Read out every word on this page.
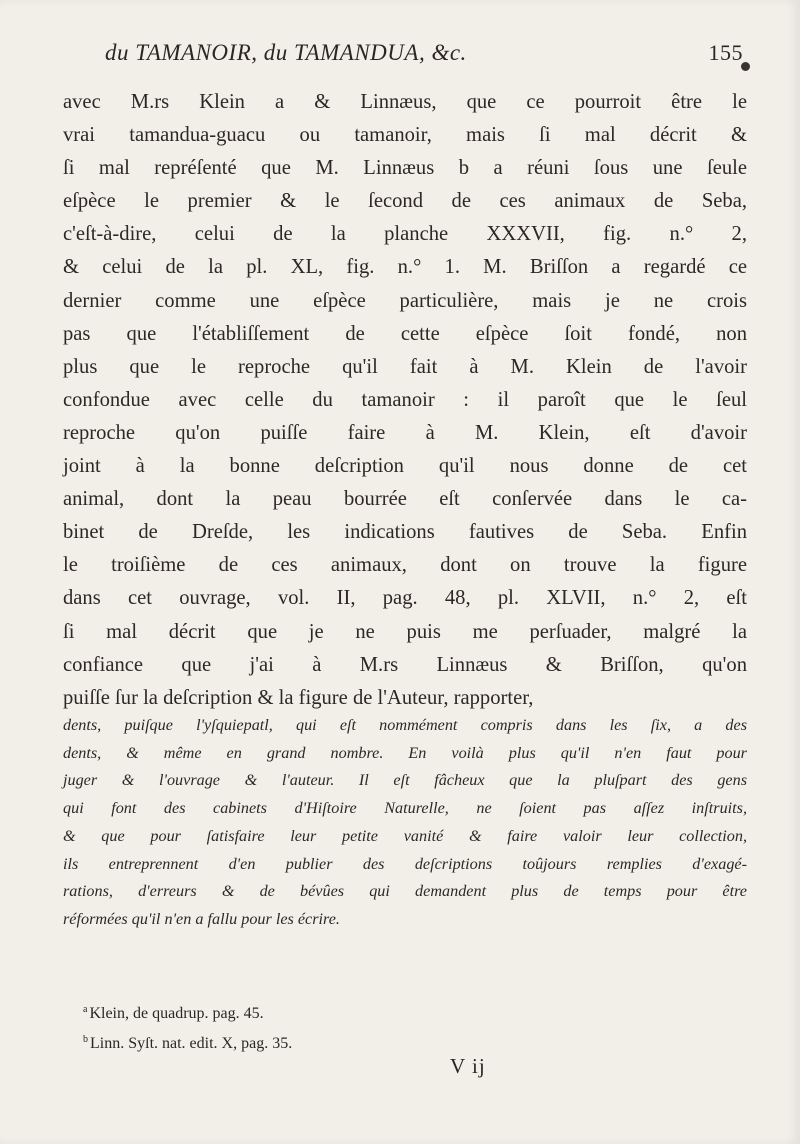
du TAMANOIR, du TAMANDUA, &c.	155
avec M.rs Klein a & Linnæus, que ce pourroit être le
vrai tamandua-guacu ou tamanoir, mais ſi mal décrit &
ſi mal repréſenté que M. Linnæus b a réuni ſous une ſeule
eſpèce le premier & le ſecond de ces animaux de Seba,
c'eſt-à-dire, celui de la planche XXXVII, fig. n.° 2,
& celui de la pl. XL, fig. n.° 1. M. Briſſon a regardé ce
dernier comme une eſpèce particulière, mais je ne crois
pas que l'établiſſement de cette eſpèce ſoit fondé, non
plus que le reproche qu'il fait à M. Klein de l'avoir
confondue avec celle du tamanoir : il paroît que le ſeul
reproche qu'on puiſſe faire à M. Klein, eſt d'avoir
joint à la bonne deſcription qu'il nous donne de cet
animal, dont la peau bourrée eſt conſervée dans le ca-
binet de Dreſde, les indications fautives de Seba. Enfin
le troiſième de ces animaux, dont on trouve la figure
dans cet ouvrage, vol. II, pag. 48, pl. XLVII, n.° 2, eſt
ſi mal décrit que je ne puis me perſuader, malgré la
confiance que j'ai à M.rs Linnæus & Briſſon, qu'on
puiſſe ſur la deſcription & la figure de l'Auteur, rapporter,
dents, puiſque l'yſquiepatl, qui eſt nommément compris dans les ſix, a des
dents, & même en grand nombre. En voilà plus qu'il n'en faut pour
juger & l'ouvrage & l'auteur. Il eſt fâcheux que la pluſpart des gens
qui font des cabinets d'Hiſtoire Naturelle, ne ſoient pas aſſez inſtruits,
& que pour ſatisfaire leur petite vanité & faire valoir leur collection,
ils entreprennent d'en publier des deſcriptions toûjours remplies d'exagé-
rations, d'erreurs & de bévûes qui demandent plus de temps pour être
réformées qu'il n'en a fallu pour les écrire.
$^a$ Klein, de quadrup. pag. 45.
$^b$ Linn. Syſt. nat. edit. X, pag. 35.
V ij
